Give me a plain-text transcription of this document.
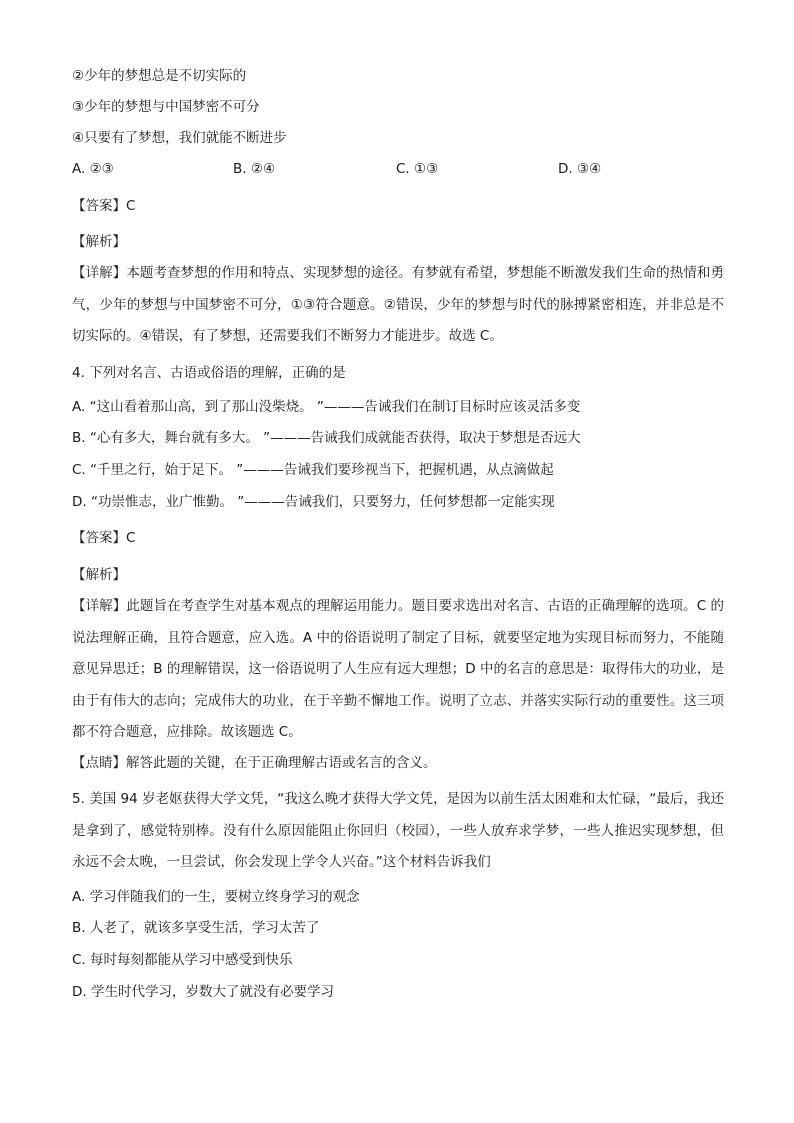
②少年的梦想总是不切实际的
③少年的梦想与中国梦密不可分
④只要有了梦想，我们就能不断进步
A. ②③	B. ②④	C. ①③	D. ③④
【答案】C
【解析】
【详解】本题考查梦想的作用和特点、实现梦想的途径。有梦就有希望，梦想能不断激发我们生命的热情和勇气，少年的梦想与中国梦密不可分，①③符合题意。②错误，少年的梦想与时代的脉搏紧密相连，并非总是不切实际的。④错误，有了梦想，还需要我们不断努力才能进步。故选 C。
4. 下列对名言、古语或俗语的理解，正确的是
A. “这山看着那山高，到了那山没柴烧。 ”———告诫我们在制订目标时应该灵活多变
B. “心有多大，舞台就有多大。 ”———告诫我们成就能否获得，取决于梦想是否远大
C. “千里之行，始于足下。 ”———告诫我们要珍视当下，把握机遇，从点滴做起
D. “功崇惟志，业广惟勤。 ”———告诫我们，只要努力，任何梦想都一定能实现
【答案】C
【解析】
【详解】此题旨在考查学生对基本观点的理解运用能力。题目要求选出对名言、古语的正确理解的选项。C 的说法理解正确，且符合题意，应入选。A 中的俗语说明了制定了目标，就要坚定地为实现目标而努力，不能随意见异思迁；B 的理解错误，这一俗语说明了人生应有远大理想；D 中的名言的意思是：取得伟大的功业，是由于有伟大的志向；完成伟大的功业，在于辛勤不懈地工作。说明了立志、并落实实际行动的重要性。这三项都不符合题意，应排除。故该题选 C。
【点睛】解答此题的关键，在于正确理解古语或名言的含义。
5. 美国 94 岁老妪获得大学文凭，“我这么晚才获得大学文凭，是因为以前生活太困难和太忙碌，“最后，我还是拿到了，感觉特别棒。没有什么原因能阻止你回归（校园），一些人放弃求学梦，一些人推迟实现梦想，但永远不会太晚，一旦尝试，你会发现上学令人兴奋。”这个材料告诉我们
A. 学习伴随我们的一生，要树立终身学习的观念
B. 人老了，就该多享受生活，学习太苦了
C. 每时每刻都能从学习中感受到快乐
D. 学生时代学习，岁数大了就没有必要学习
